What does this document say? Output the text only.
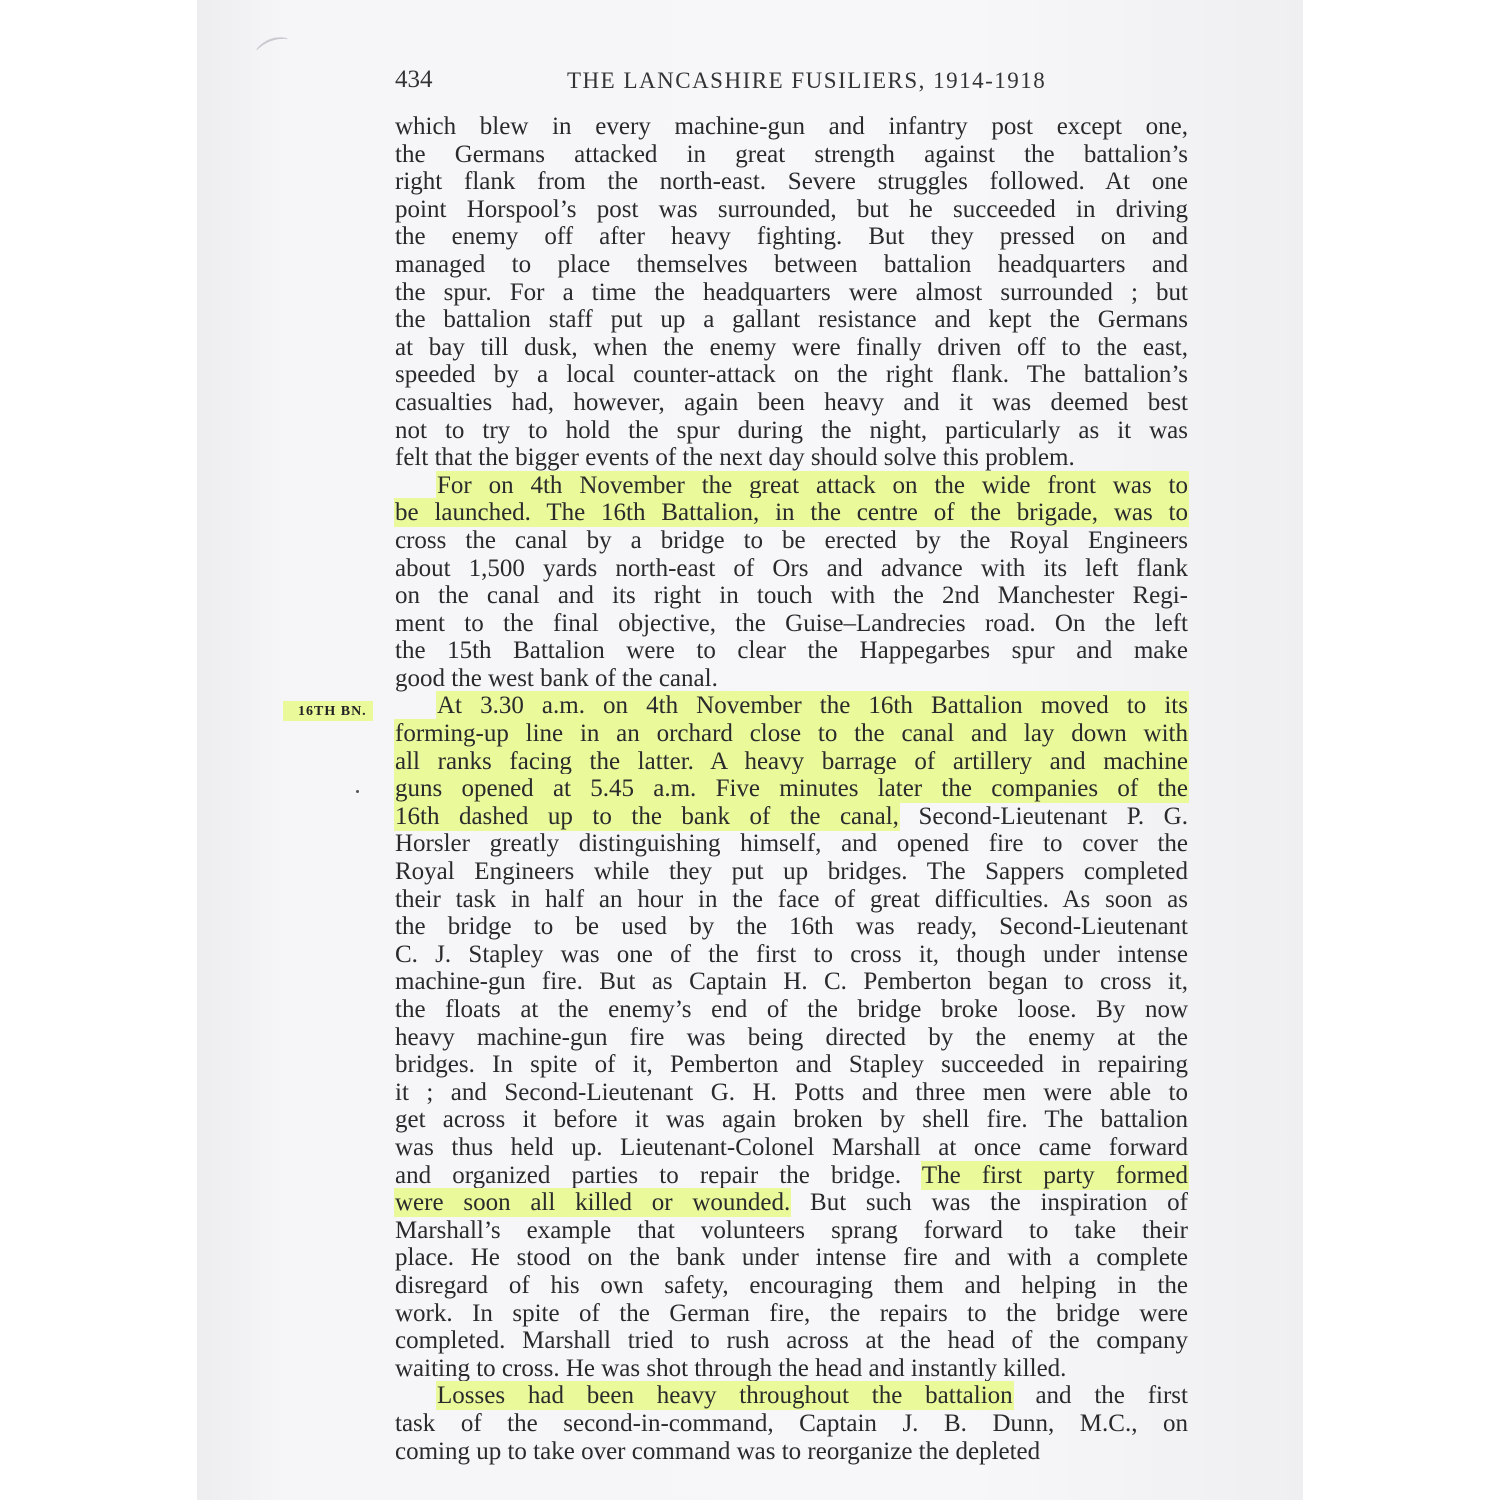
⌒	434	THE LANCASHIRE FUSILIERS, 1914-1918
16TH BN.
which blew in every machine-gun and infantry post except one,
the Germans attacked in great strength against the battalion’s
right flank from the north-east. Severe struggles followed. At one
point Horspool’s post was surrounded, but he succeeded in driving
the enemy off after heavy fighting. But they pressed on and
managed to place themselves between battalion headquarters and
the spur. For a time the headquarters were almost surrounded ; but
the battalion staff put up a gallant resistance and kept the Germans
at bay till dusk, when the enemy were finally driven off to the east,
speeded by a local counter-attack on the right flank. The battalion’s
casualties had, however, again been heavy and it was deemed best
not to try to hold the spur during the night, particularly as it was
felt that the bigger events of the next day should solve this problem.
For on 4th November the great attack on the wide front was to
be launched. The 16th Battalion, in the centre of the brigade, was to
cross the canal by a bridge to be erected by the Royal Engineers
about 1,500 yards north-east of Ors and advance with its left flank
on the canal and its right in touch with the 2nd Manchester Regi-
ment to the final objective, the Guise–Landrecies road. On the left
the 15th Battalion were to clear the Happegarbes spur and make
good the west bank of the canal.
At 3.30 a.m. on 4th November the 16th Battalion moved to its
forming-up line in an orchard close to the canal and lay down with
all ranks facing the latter. A heavy barrage of artillery and machine
guns opened at 5.45 a.m. Five minutes later the companies of the
16th dashed up to the bank of the canal, Second-Lieutenant P. G.
Horsler greatly distinguishing himself, and opened fire to cover the
Royal Engineers while they put up bridges. The Sappers completed
their task in half an hour in the face of great difficulties. As soon as
the bridge to be used by the 16th was ready, Second-Lieutenant
C. J. Stapley was one of the first to cross it, though under intense
machine-gun fire. But as Captain H. C. Pemberton began to cross it,
the floats at the enemy’s end of the bridge broke loose. By now
heavy machine-gun fire was being directed by the enemy at the
bridges. In spite of it, Pemberton and Stapley succeeded in repairing
it ; and Second-Lieutenant G. H. Potts and three men were able to
get across it before it was again broken by shell fire. The battalion
was thus held up. Lieutenant-Colonel Marshall at once came forward
and organized parties to repair the bridge. The first party formed
were soon all killed or wounded. But such was the inspiration of
Marshall’s example that volunteers sprang forward to take their
place. He stood on the bank under intense fire and with a complete
disregard of his own safety, encouraging them and helping in the
work. In spite of the German fire, the repairs to the bridge were
completed. Marshall tried to rush across at the head of the company
waiting to cross. He was shot through the head and instantly killed.
Losses had been heavy throughout the battalion and the first
task of the second-in-command, Captain J. B. Dunn, M.C., on
coming up to take over command was to reorganize the depleted
